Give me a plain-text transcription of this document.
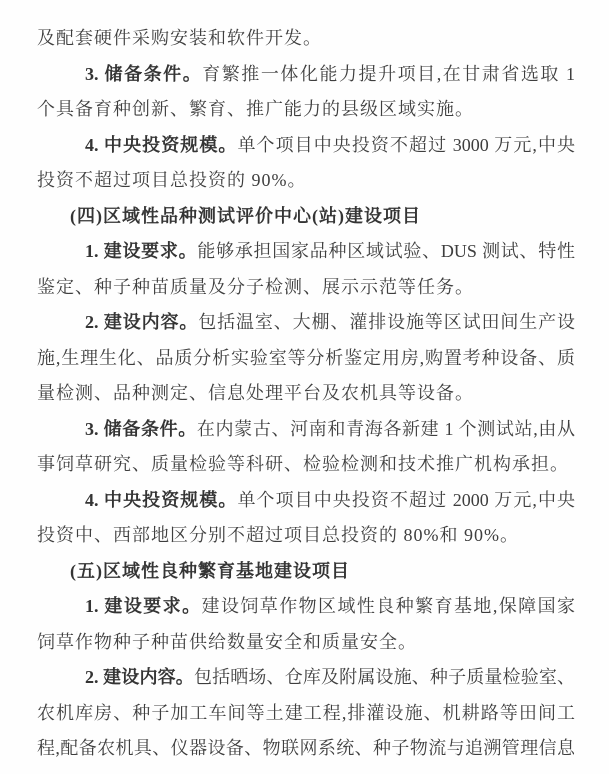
及配套硬件采购安装和软件开发。
3. 储备条件。育繁推一体化能力提升项目,在甘肃省选取 1
个具备育种创新、繁育、推广能力的县级区域实施。
4. 中央投资规模。单个项目中央投资不超过 3000 万元,中央
投资不超过项目总投资的 90%。
(四)区域性品种测试评价中心(站)建设项目
1. 建设要求。能够承担国家品种区域试验、DUS 测试、特性
鉴定、种子种苗质量及分子检测、展示示范等任务。
2. 建设内容。包括温室、大棚、灌排设施等区试田间生产设
施,生理生化、品质分析实验室等分析鉴定用房,购置考种设备、质
量检测、品种测定、信息处理平台及农机具等设备。
3. 储备条件。在内蒙古、河南和青海各新建 1 个测试站,由从
事饲草研究、质量检验等科研、检验检测和技术推广机构承担。
4. 中央投资规模。单个项目中央投资不超过 2000 万元,中央
投资中、西部地区分别不超过项目总投资的 80%和 90%。
(五)区域性良种繁育基地建设项目
1. 建设要求。建设饲草作物区域性良种繁育基地,保障国家
饲草作物种子种苗供给数量安全和质量安全。
2. 建设内容。包括晒场、仓库及附属设施、种子质量检验室、
农机库房、种子加工车间等土建工程,排灌设施、机耕路等田间工
程,配备农机具、仪器设备、物联网系统、种子物流与追溯管理信息
